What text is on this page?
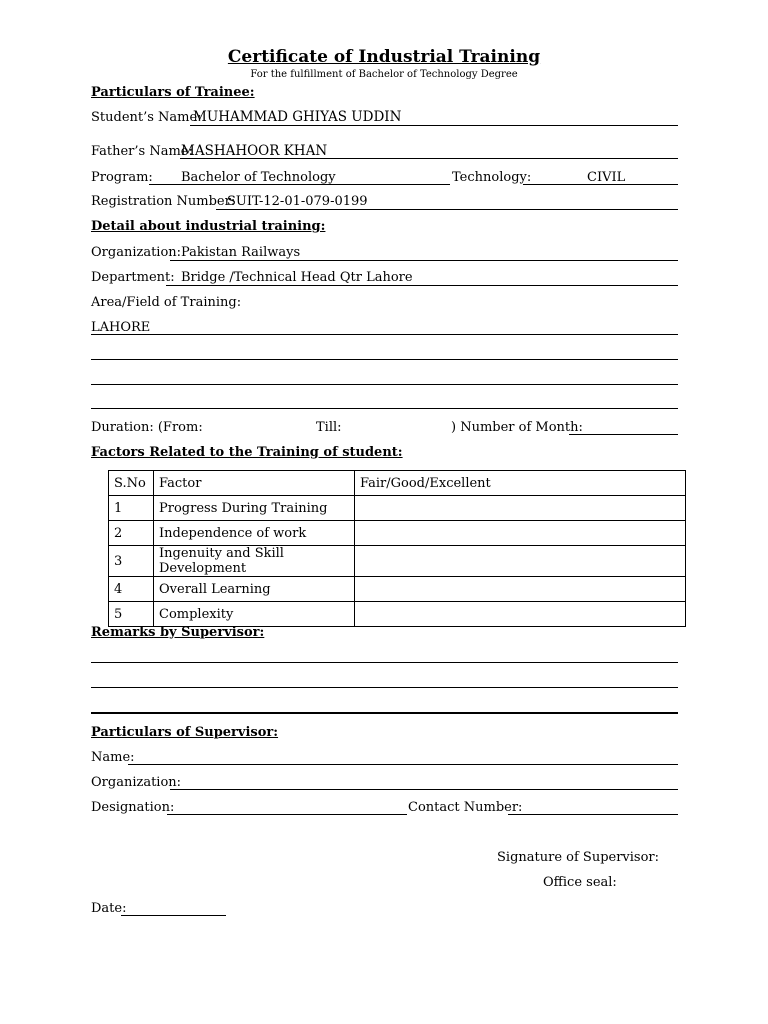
Certificate of Industrial Training
For the fulfillment of Bachelor of Technology Degree
Particulars of Trainee:
Student’s Name:
MUHAMMAD GHIYAS UDDIN
Father’s Name:
MASHAHOOR KHAN
Program: Bachelor of Technology	Technology:	CIVIL
Registration Number:
SUIT-12-01-079-0199
Detail about industrial training:
Organization: Pakistan Railways
Department: Bridge /Technical Head Qtr Lahore
Area/Field of Training:
LAHORE
Duration: (From:	Till:	) Number of Month:
Factors Related to the Training of student:
S.No	Factor	Fair/Good/Excellent
1	Progress During Training	
2	Independence of work	
3	Ingenuity and Skill Development	
4	Overall Learning	
5	Complexity	
Remarks by Supervisor:
Particulars of Supervisor:
Name:
Organization:
Designation:	Contact Number:
Signature of Supervisor:
Office seal:
Date:
